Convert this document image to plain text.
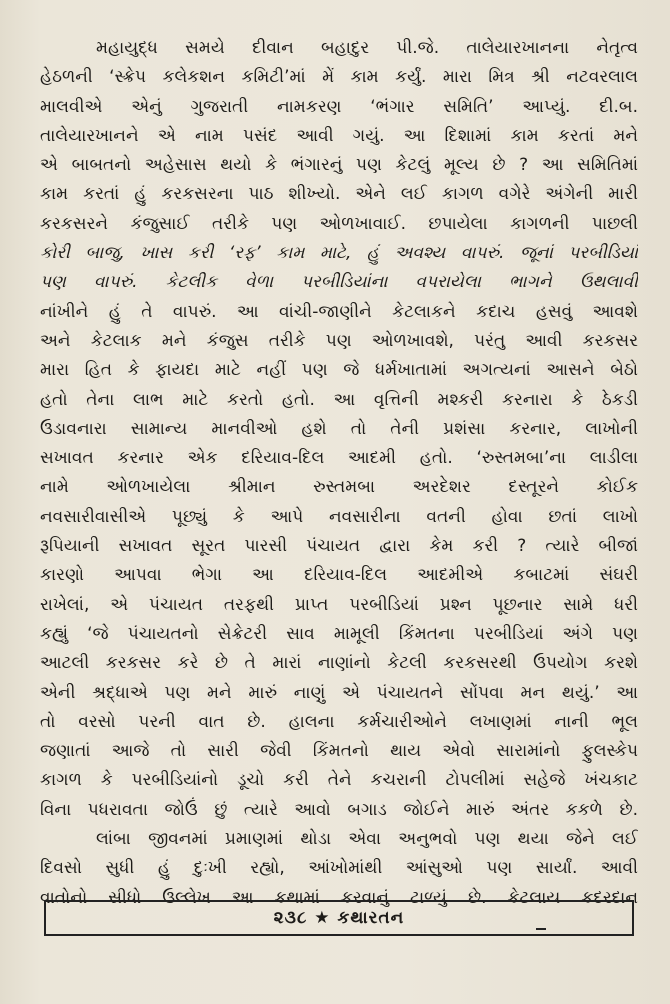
મહાયુદ્ધ સમયે દીવાન બહાદુર પી.જે. તાલેયારખાનના નેતૃત્વ
હેઠળની ‘સ્ક્રેપ કલેકશન કમિટી’માં મેં કામ કર્યું. મારા મિત્ર શ્રી નટવરલાલ
માલવીએ એનું ગુજરાતી નામકરણ ‘ભંગાર સમિતિ’ આપ્યું. દી.બ.
તાલેયારખાનને એ નામ પસંદ આવી ગયું. આ દિશામાં કામ કરતાં મને
એ બાબતનો અહેસાસ થયો કે ભંગારનું પણ કેટલું મૂલ્ય છે ? આ સમિતિમાં
કામ કરતાં હું કરકસરના પાઠ શીખ્યો. એને લઈ કાગળ વગેરે અંગેની મારી
કરકસરને કંજુસાઈ તરીકે પણ ઓળખાવાઈ. છપાયેલા કાગળની પાછલી
કોરી બાજુ, ખાસ કરી ‘રફ’ કામ માટે, હું અવશ્ય વાપરું. જૂનાં પરબીડિયાં
પણ વાપરું. કેટલીક વેળા પરબીડિયાંના વપરાયેલા ભાગને ઉથલાવી
નાંખીને હું તે વાપરું. આ વાંચી-જાણીને કેટલાકને કદાચ હસવું આવશે
અને કેટલાક મને કંજુસ તરીકે પણ ઓળખાવશે, પરંતુ આવી કરકસર
મારા હિત કે ફાયદા માટે નહીં પણ જે ધર્મખાતામાં અગત્યનાં આસને બેઠો
હતો તેના લાભ માટે કરતો હતો. આ વૃત્તિની મશ્કરી કરનારા કે ઠેકડી
ઉડાવનારા સામાન્ય માનવીઓ હશે તો તેની પ્રશંસા કરનાર, લાખોની
સખાવત કરનાર એક દરિયાવ-દિલ આદમી હતો. ‘રુસ્તમબા’ના લાડીલા
નામે ઓળખાયેલા શ્રીમાન રુસ્તમબા અરદેશર દસ્તૂરને કોઈક
નવસારીવાસીએ પૂછ્યું કે આપે નવસારીના વતની હોવા છતાં લાખો
રૂપિયાની સખાવત સૂરત પારસી પંચાયત દ્વારા કેમ કરી ? ત્યારે બીજાં
કારણો આપવા ભેગા આ દરિયાવ-દિલ આદમીએ કબાટમાં સંઘરી
રાખેલાં, એ પંચાયત તરફથી પ્રાપ્ત પરબીડિયાં પ્રશ્ન પૂછનાર સામે ધરી
કહ્યું ‘જે પંચાયતનો સેક્રેટરી સાવ મામૂલી કિંમતના પરબીડિયાં અંગે પણ
આટલી કરકસર કરે છે તે મારાં નાણાંનો કેટલી કરકસરથી ઉપયોગ કરશે
એની શ્રદ્ધાએ પણ મને મારું નાણું એ પંચાયતને સોંપવા મન થયું.’ આ
તો વરસો પરની વાત છે. હાલના કર્મચારીઓને લખાણમાં નાની ભૂલ
જણાતાં આજે તો સારી જેવી કિંમતનો થાય એવો સારામાંનો ફુલસ્કેપ
કાગળ કે પરબીડિયાંનો ડૂચો કરી તેને કચરાની ટોપલીમાં સહેજે ખંચકાટ
વિના પધરાવતા જોઉં છું ત્યારે આવો બગાડ જોઈને મારું અંતર કકળે છે.
લાંબા જીવનમાં પ્રમાણમાં થોડા એવા અનુભવો પણ થયા જેને લઈ
દિવસો સુધી હું દુઃખી રહ્યો, આંખોમાંથી આંસુઓ પણ સાર્યાં. આવી
વાતોનો સીધો ઉલ્લેખ આ કથામાં કરવાનું ટાળ્યું છે. કેટલાય કદરદાન
૨૩૮ ★ કથારતન
